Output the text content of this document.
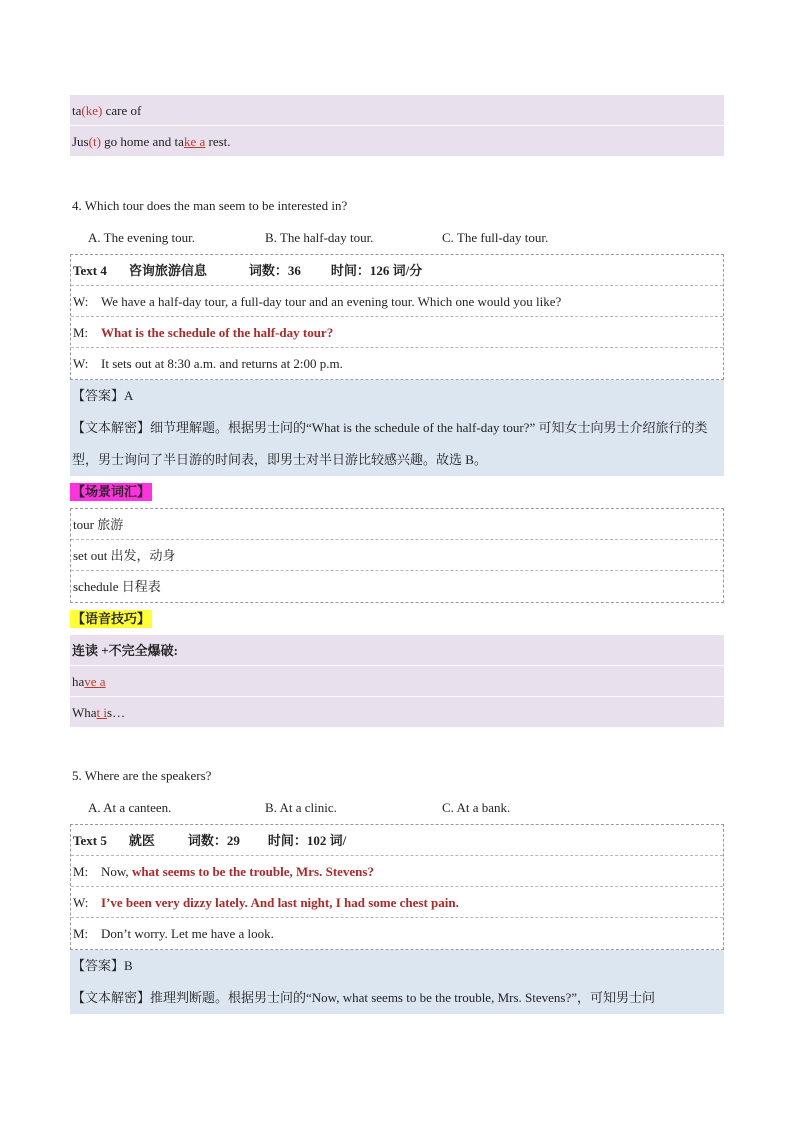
ta(ke) care of
Jus(t) go home and take a rest.
4. Which tour does the man seem to be interested in?
A. The evening tour.	B. The half-day tour.	C. The full-day tour.
Text 4 咨询旅游信息	词数：36 时间：126 词/分
W: We have a half-day tour, a full-day tour and an evening tour. Which one would you like?
M: What is the schedule of the half-day tour?
W: It sets out at 8:30 a.m. and returns at 2:00 p.m.
【答案】A
【文本解密】细节理解题。根据男士问的“What is the schedule of the half-day tour?” 可知女士向男士介绍旅行的类型，男士询问了半日游的时间表，即男士对半日游比较感兴趣。故选 B。
【场景词汇】
tour 旅游
set out 出发，动身
schedule 日程表
【语音技巧】
连读 +不完全爆破:
have a
What is…
5. Where are the speakers?
A. At a canteen.	B. At a clinic.	C. At a bank.
Text 5 就医	词数：29 时间：102 词/
M: Now, what seems to be the trouble, Mrs. Stevens?
W: I’ve been very dizzy lately. And last night, I had some chest pain.
M: Don’t worry. Let me have a look.
【答案】B
【文本解密】推理判断题。根据男士问的“Now, what seems to be the trouble, Mrs. Stevens?”，可知男士问
